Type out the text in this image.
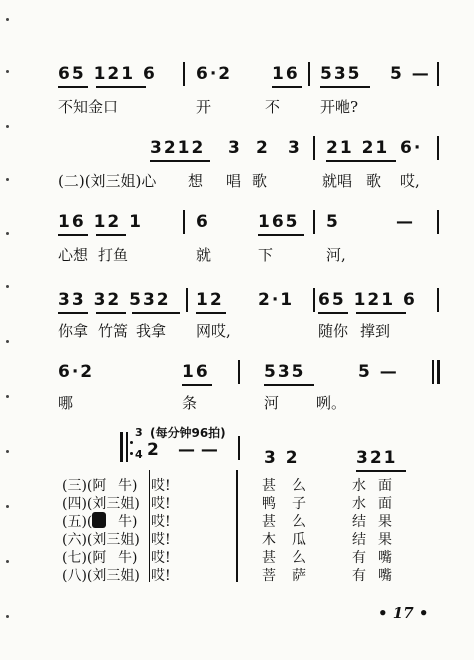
65 121 6 6·2 16 535 5 —
不知金口	开	不	开咃?
3212 3 2 3 21 21 6·
(二)(刘三姐)心 想 唱 歌	就唱 歌 哎,
16 12 1	6	165 5	—
心想 打鱼	就	下	河,
33 32 532 12 2·1 65 121 6
你拿 竹篙 我拿 网哎,	随你 撑到
6·2	16	535	5 —
哪	条	河 咧。
(每分钟96拍)
3
4 2 — —	3 2	321
(三)(阿 牛) 哎!	甚 么	水 面
(四)(刘三姐) 哎!	鸭 子	水 面
(五)( 牛) 哎!	甚 么	结 果
(六)(刘三姐) 哎!	木 瓜	结 果
(七)(阿 牛) 哎!	甚 么	有 嘴
(八)(刘三姐) 哎!	菩 萨	有 嘴
• 17 •
